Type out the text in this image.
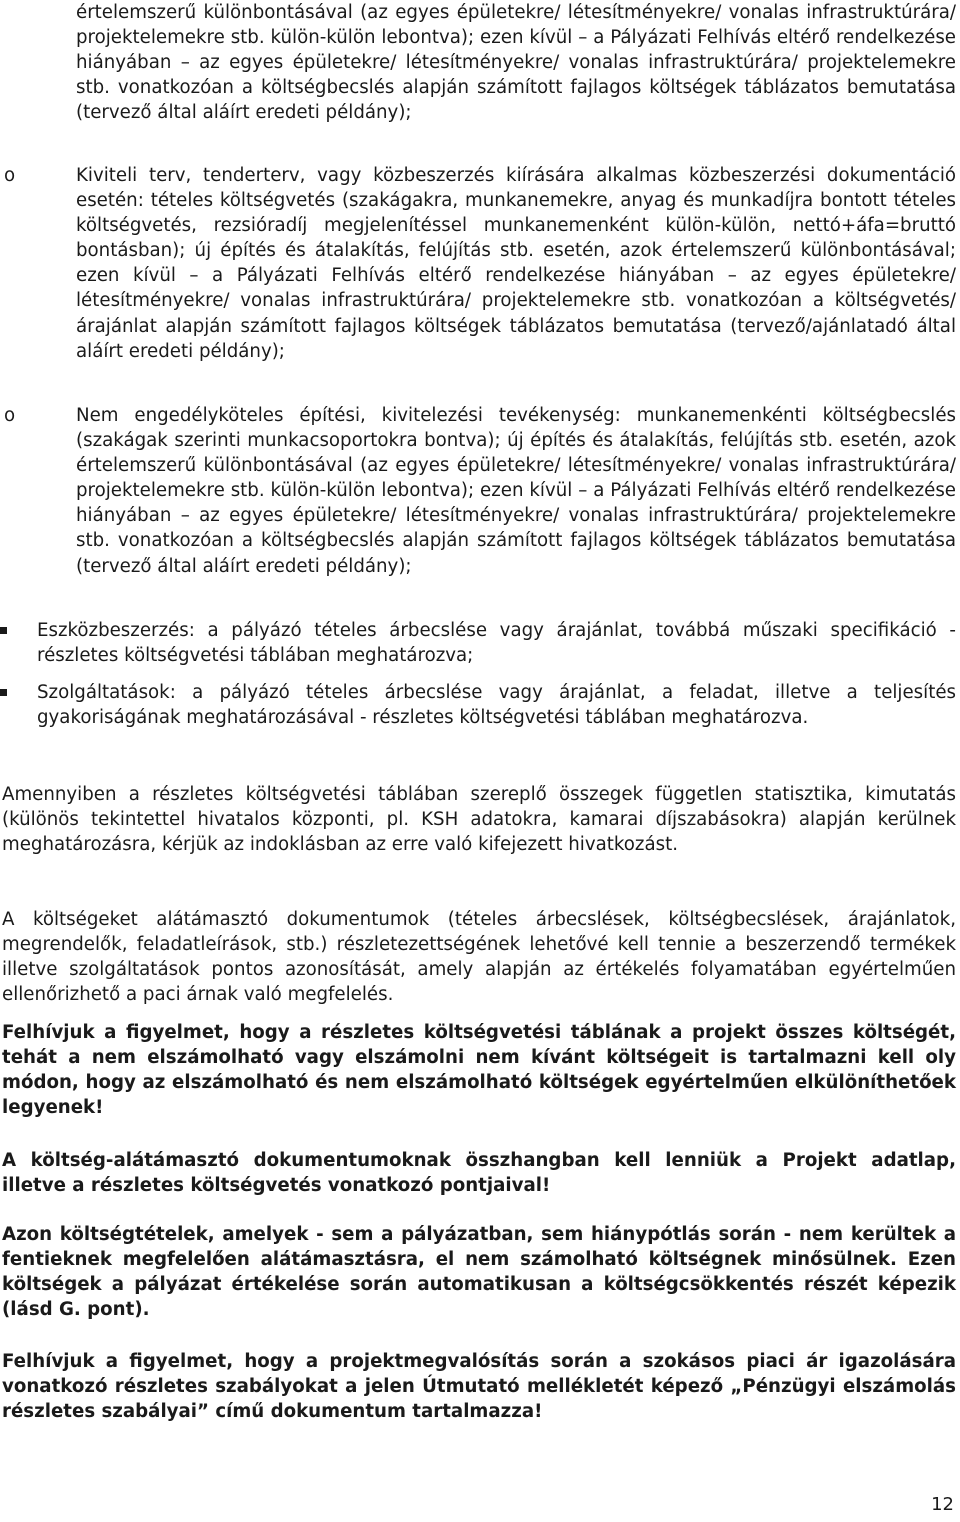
értelemszerű különbontásával (az egyes épületekre/ létesítményekre/ vonalas infrastruktúrára/ projektelemekre stb. külön-külön lebontva); ezen kívül – a Pályázati Felhívás eltérő rendelkezése hiányában – az egyes épületekre/ létesítményekre/ vonalas infrastruktúrára/ projektelemekre stb. vonatkozóan a költségbecslés alapján számított fajlagos költségek táblázatos bemutatása (tervező által aláírt eredeti példány);

o	Kiviteli terv, tenderterv, vagy közbeszerzés kiírására alkalmas közbeszerzési dokumentáció esetén: tételes költségvetés (szakágakra, munkanemekre, anyag és munkadíjra bontott tételes költségvetés, rezsióradíj megjelenítéssel munkanemenként külön-külön, nettó+áfa=bruttó bontásban); új építés és átalakítás, felújítás stb. esetén, azok értelemszerű különbontásával; ezen kívül – a Pályázati Felhívás eltérő rendelkezése hiányában – az egyes épületekre/ létesítményekre/ vonalas infrastruktúrára/ projektelemekre stb. vonatkozóan a költségvetés/árajánlat alapján számított fajlagos költségek táblázatos bemutatása (tervező/ajánlatadó által aláírt eredeti példány);

o	Nem engedélyköteles építési, kivitelezési tevékenység: munkanemenkénti költségbecslés (szakágak szerinti munkacsoportokra bontva); új építés és átalakítás, felújítás stb. esetén, azok értelemszerű különbontásával (az egyes épületekre/ létesítményekre/ vonalas infrastruktúrára/ projektelemekre stb. külön-külön lebontva); ezen kívül – a Pályázati Felhívás eltérő rendelkezése hiányában – az egyes épületekre/ létesítményekre/ vonalas infrastruktúrára/ projektelemekre stb. vonatkozóan a költségbecslés alapján számított fajlagos költségek táblázatos bemutatása (tervező által aláírt eredeti példány);

Eszközbeszerzés: a pályázó tételes árbecslése vagy árajánlat, továbbá műszaki specifikáció - részletes költségvetési táblában meghatározva;

Szolgáltatások: a pályázó tételes árbecslése vagy árajánlat, a feladat, illetve a teljesítés gyakoriságának meghatározásával - részletes költségvetési táblában meghatározva.

Amennyiben a részletes költségvetési táblában szereplő összegek független statisztika, kimutatás (különös tekintettel hivatalos központi, pl. KSH adatokra, kamarai díjszabásokra) alapján kerülnek meghatározásra, kérjük az indoklásban az erre való kifejezett hivatkozást.

A költségeket alátámasztó dokumentumok (tételes árbecslések, költségbecslések, árajánlatok, megrendelők, feladatleírások, stb.) részletezettségének lehetővé kell tennie a beszerzendő termékek illetve szolgáltatások pontos azonosítását, amely alapján az értékelés folyamatában egyértelműen ellenőrizhető a paci árnak való megfelelés.

Felhívjuk a figyelmet, hogy a részletes költségvetési táblának a projekt összes költségét, tehát a nem elszámolható vagy elszámolni nem kívánt költségeit is tartalmazni kell oly módon, hogy az elszámolható és nem elszámolható költségek egyértelműen elkülöníthetőek legyenek!

A költség-alátámasztó dokumentumoknak összhangban kell lenniük a Projekt adatlap, illetve a részletes költségvetés vonatkozó pontjaival!

Azon költségtételek, amelyek - sem a pályázatban, sem hiánypótlás során - nem kerültek a fentieknek megfelelően alátámasztásra, el nem számolható költségnek minősülnek. Ezen költségek a pályázat értékelése során automatikusan a költségcsökkentés részét képezik (lásd G. pont).

Felhívjuk a figyelmet, hogy a projektmegvalósítás során a szokásos piaci ár igazolására vonatkozó részletes szabályokat a jelen Útmutató mellékletét képező „Pénzügyi elszámolás részletes szabályai” című dokumentum tartalmazza!

12
